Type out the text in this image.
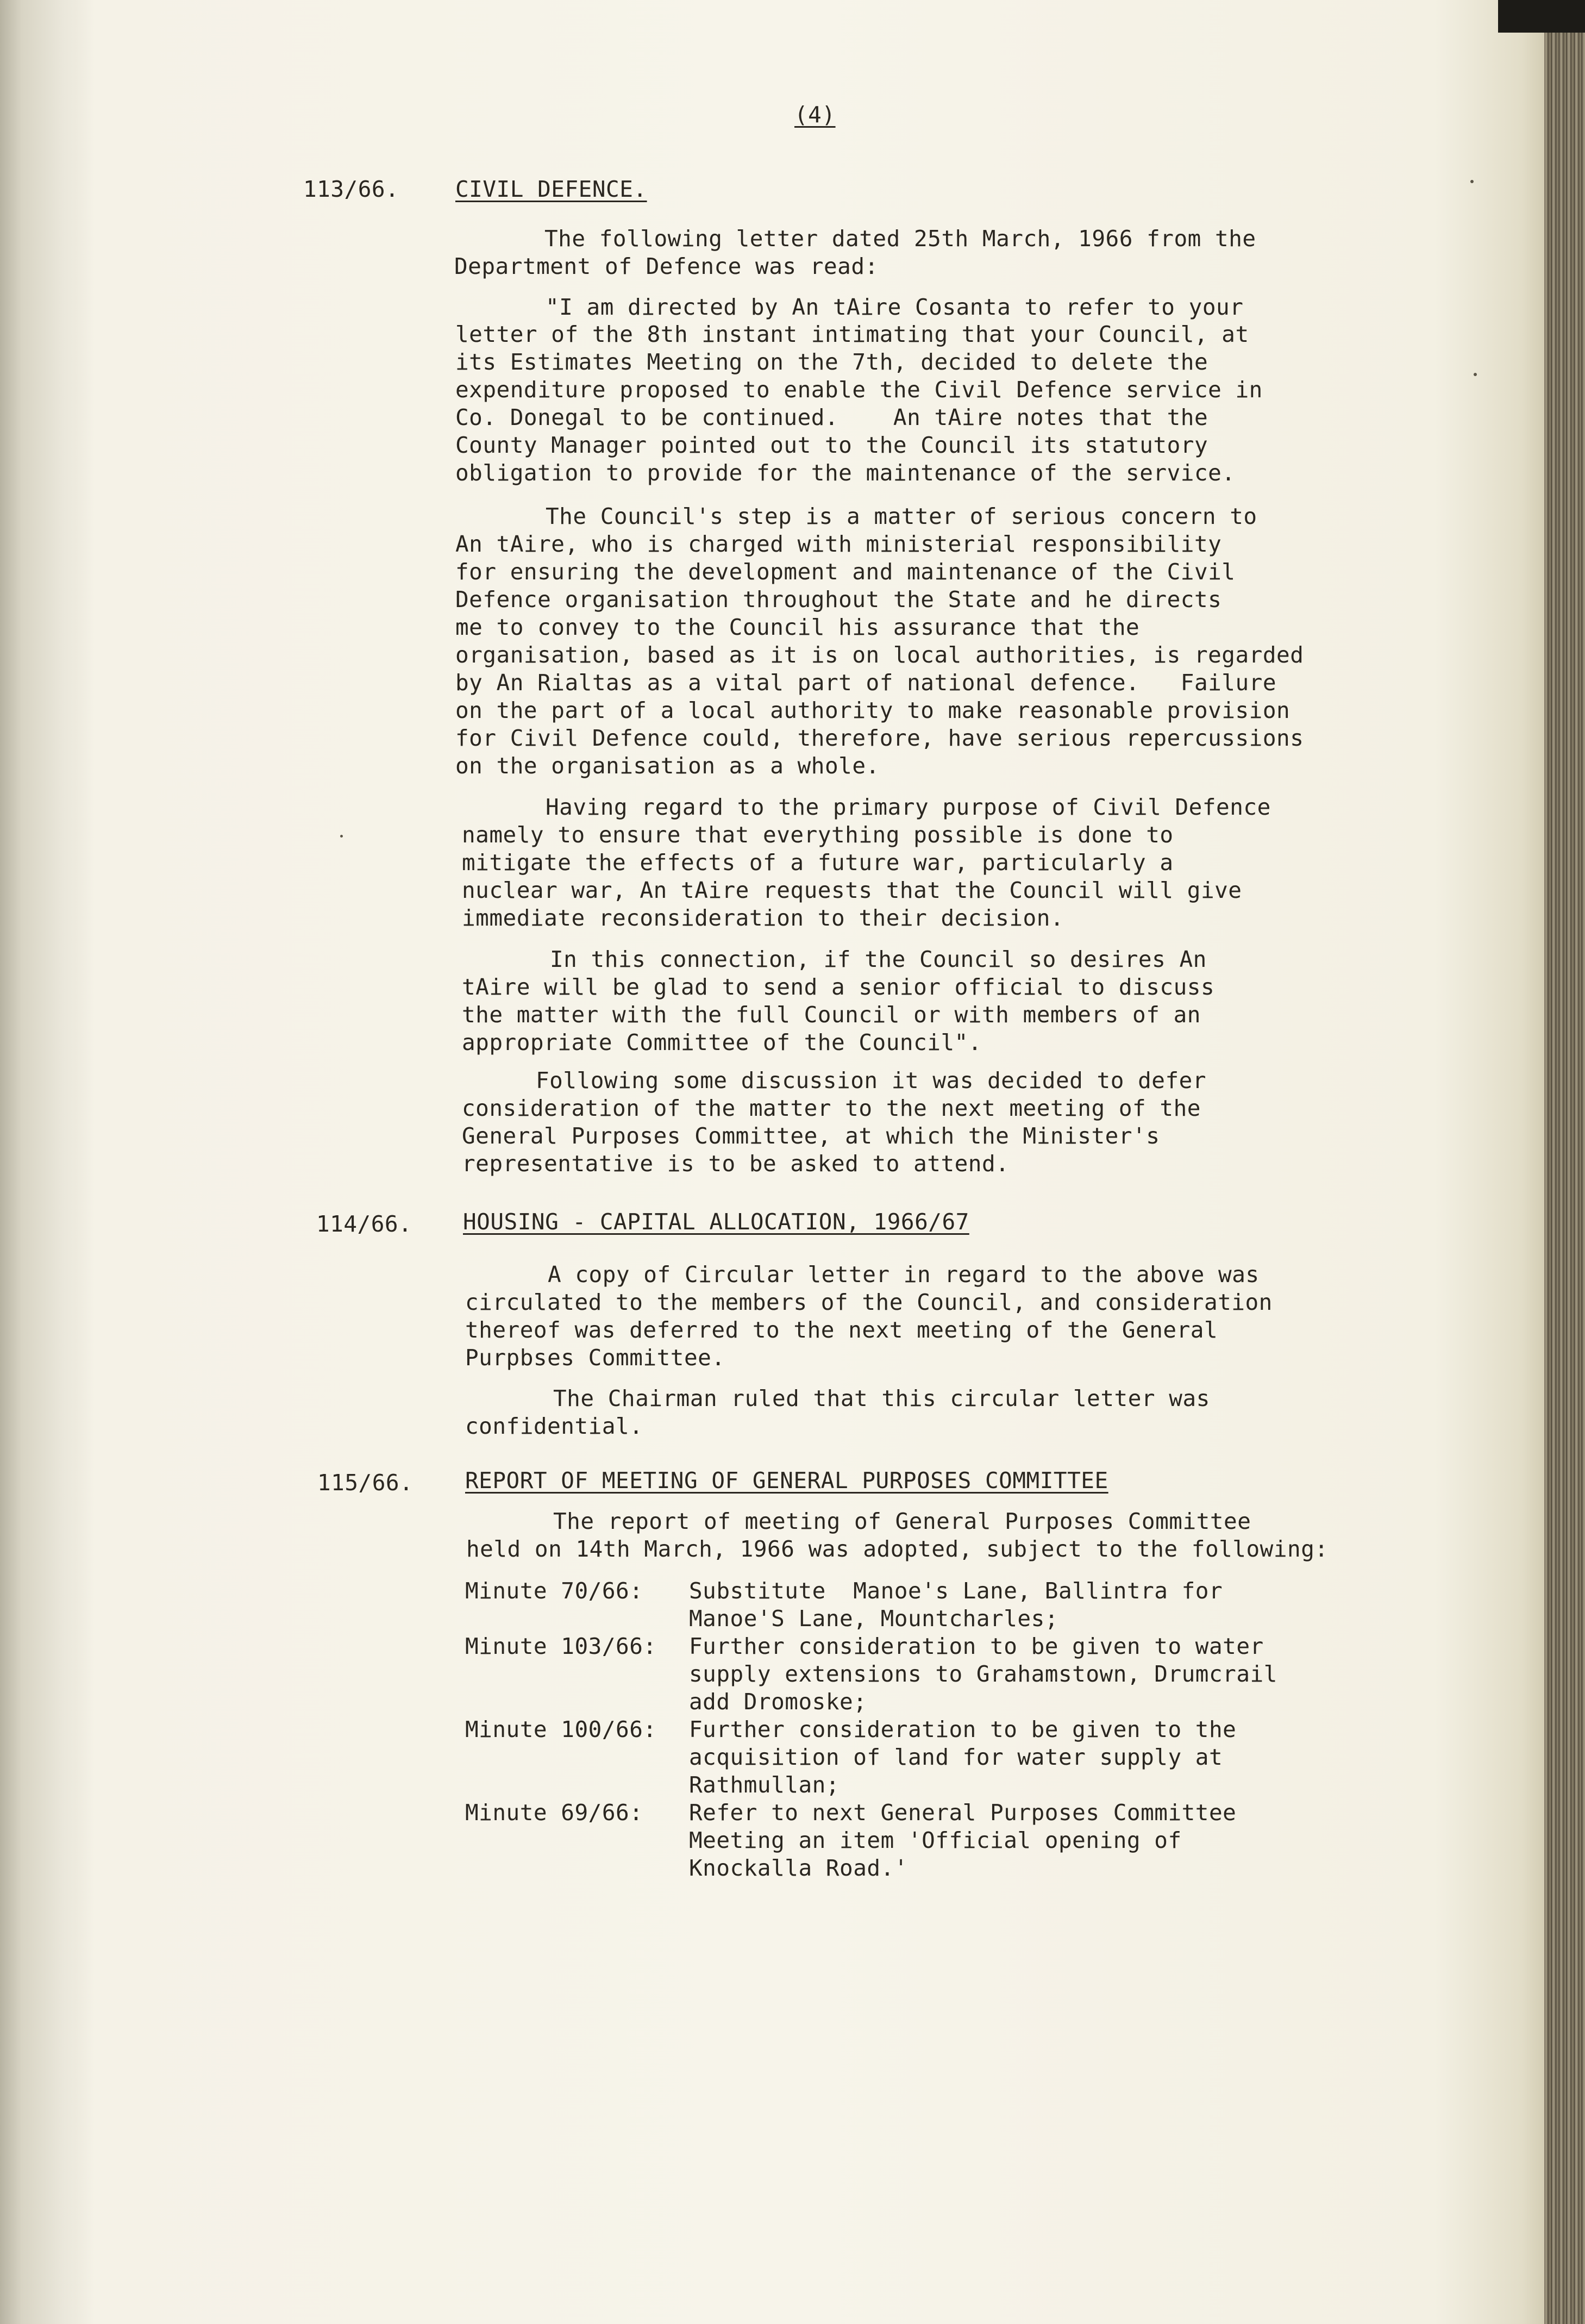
(4)
113/66.	CIVIL DEFENCE.
The following letter dated 25th March, 1966 from the
Department of Defence was read:
"I am directed by An tAire Cosanta to refer to your
letter of the 8th instant intimating that your Council, at
its Estimates Meeting on the 7th, decided to delete the
expenditure proposed to enable the Civil Defence service in
Co. Donegal to be continued.    An tAire notes that the
County Manager pointed out to the Council its statutory
obligation to provide for the maintenance of the service.
The Council's step is a matter of serious concern to
An tAire, who is charged with ministerial responsibility
for ensuring the development and maintenance of the Civil
Defence organisation throughout the State and he directs
me to convey to the Council his assurance that the
organisation, based as it is on local authorities, is regarded
by An Rialtas as a vital part of national defence.   Failure
on the part of a local authority to make reasonable provision
for Civil Defence could, therefore, have serious repercussions
on the organisation as a whole.
Having regard to the primary purpose of Civil Defence
namely to ensure that everything possible is done to
mitigate the effects of a future war, particularly a
nuclear war, An tAire requests that the Council will give
immediate reconsideration to their decision.
In this connection, if the Council so desires An
tAire will be glad to send a senior official to discuss
the matter with the full Council or with members of an
appropriate Committee of the Council".
Following some discussion it was decided to defer
consideration of the matter to the next meeting of the
General Purposes Committee, at which the Minister's
representative is to be asked to attend.
114/66. HOUSING - CAPITAL ALLOCATION, 1966/67
A copy of Circular letter in regard to the above was
circulated to the members of the Council, and consideration
thereof was deferred to the next meeting of the General
Purpbses Committee.
The Chairman ruled that this circular letter was
confidential.
115/66. REPORT OF MEETING OF GENERAL PURPOSES COMMITTEE
The report of meeting of General Purposes Committee
held on 14th March, 1966 was adopted, subject to the following:
Minute 70/66: Substitute  Manoe's Lane, Ballintra for
Manoe'S Lane, Mountcharles;
Minute 103/66: Further consideration to be given to water
supply extensions to Grahamstown, Drumcrail
add Dromoske;
Minute 100/66: Further consideration to be given to the
acquisition of land for water supply at
Rathmullan;
Minute 69/66: Refer to next General Purposes Committee
Meeting an item 'Official opening of
Knockalla Road.'
